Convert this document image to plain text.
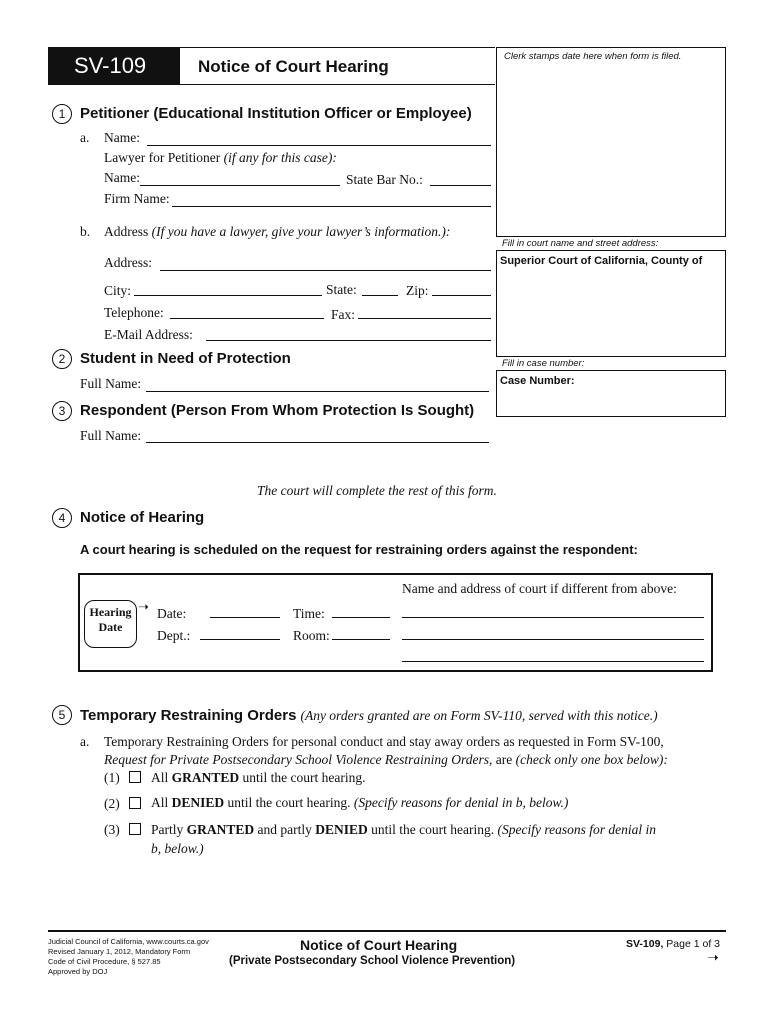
SV-109	Notice of Court Hearing
Clerk stamps date here when form is filed.
Fill in court name and street address:
Superior Court of California, County of
Fill in case number:
Case Number:
1 Petitioner (Educational Institution Officer or Employee)
a. Name:
Lawyer for Petitioner (if any for this case):
Name:	State Bar No.:
Firm Name:
b. Address (If you have a lawyer, give your lawyer’s information.):
Address:
City:	State:	Zip:
Telephone:	Fax:
E-Mail Address:
2 Student in Need of Protection
Full Name:
3 Respondent (Person From Whom Protection Is Sought)
Full Name:
The court will complete the rest of this form.
4 Notice of Hearing
A court hearing is scheduled on the request for restraining orders against the respondent:
Hearing
Date
➝ Date:	Time:
Dept.:	Room:
Name and address of court if different from above:
5 Temporary Restraining Orders (Any orders granted are on Form SV-110, served with this notice.)
a. Temporary Restraining Orders for personal conduct and stay away orders as requested in Form SV-100,
Request for Private Postsecondary School Violence Restraining Orders, are (check only one box below):
(1) All GRANTED until the court hearing.
(2) All DENIED until the court hearing. (Specify reasons for denial in b, below.)
(3) Partly GRANTED and partly DENIED until the court hearing. (Specify reasons for denial in
b, below.)
Judicial Council of California, www.courts.ca.gov
Revised January 1, 2012, Mandatory Form
Code of Civil Procedure, § 527.85
Approved by DOJ
Notice of Court Hearing
(Private Postsecondary School Violence Prevention)
SV-109, Page 1 of 3
➝
